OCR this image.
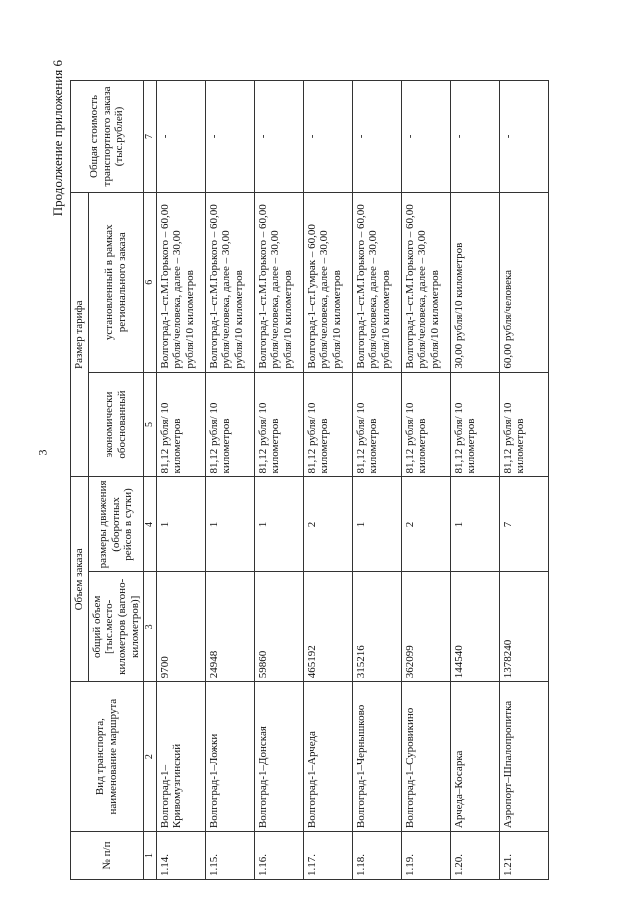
3
Продолжение приложения 6
№ п/п	Вид транспорта, наименование маршрута	Объем заказа		Размер тарифа		Общая стоимость транспортного заказа (тыс.рублей)
		общий объем [тыс.место-километров (вагоно-километров)]	размеры движения (оборотных рейсов в сутки)	экономически обоснованный	установленный в рамках регионального заказа	
1	2	3	4	5	6	7
1.14.	Волгоград-1–Кривомузгинский	9700	1	81,12 рубля/ 10 километров	Волгоград-1–ст.М.Горького – 60,00 рубля/человека, далее – 30,00 рубля/10 километров	-
1.15.	Волгоград-1–Ложки	24948	1	81,12 рубля/ 10 километров	Волгоград-1–ст.М.Горького – 60,00 рубля/человека, далее – 30,00 рубля/10 километров	-
1.16.	Волгоград-1–Донская	59860	1	81,12 рубля/ 10 километров	Волгоград-1–ст.М.Горького – 60,00 рубля/человека, далее – 30,00 рубля/10 километров	-
1.17.	Волгоград-1–Арчеда	465192	2	81,12 рубля/ 10 километров	Волгоград-1–ст.Гумрак – 60,00 рубля/человека, далее – 30,00 рубля/10 километров	-
1.18.	Волгоград-1–Чернышково	315216	1	81,12 рубля/ 10 километров	Волгоград-1–ст.М.Горького – 60,00 рубля/человека, далее – 30,00 рубля/10 километров	-
1.19.	Волгоград-1–Суровикино	362099	2	81,12 рубля/ 10 километров	Волгоград-1–ст.М.Горького – 60,00 рубля/человека, далее – 30,00 рубля/10 километров	-
1.20.	Арчеда–Косарка	144540	1	81,12 рубля/ 10 километров	30,00 рубля/10 километров	-
1.21.	Аэропорт–Шпалопропитка	1378240	7	81,12 рубля/ 10 километров	60,00 рубля/человека	-
